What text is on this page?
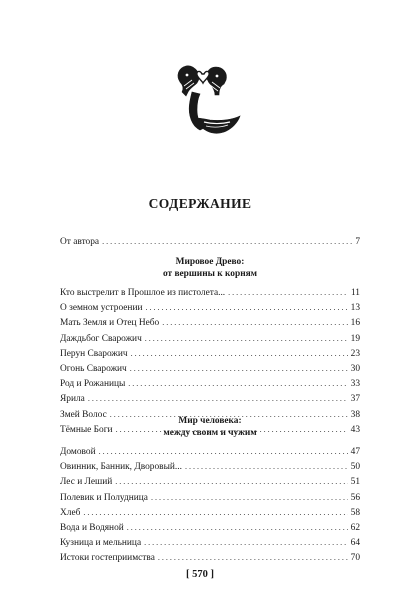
СОДЕРЖАНИЕ
От автора . . .	7
Мировое Древо:
от вершины к корням
Кто выстрелит в Прошлое из пистолета... . . .	11
О земном устроении . . .	13
Мать Земля и Отец Небо . . .	16
Даждьбог Сварожич . . .	19
Перун Сварожич . . .	23
Огонь Сварожич . . .	30
Род и Рожаницы . . .	33
Ярила . . .	37
Змей Волос . . .	38
Тёмные Боги . . .	43
Мир человека:
между своим и чужим
Домовой . . .	47
Овинник, Банник, Дворовый... . . .	50
Лес и Леший . . .	51
Полевик и Полудница . . .	56
Хлеб . . .	58
Вода и Водяной . . .	62
Кузница и мельница . . .	64
Истоки гостеприимства . . .	70
[ 570 ]
